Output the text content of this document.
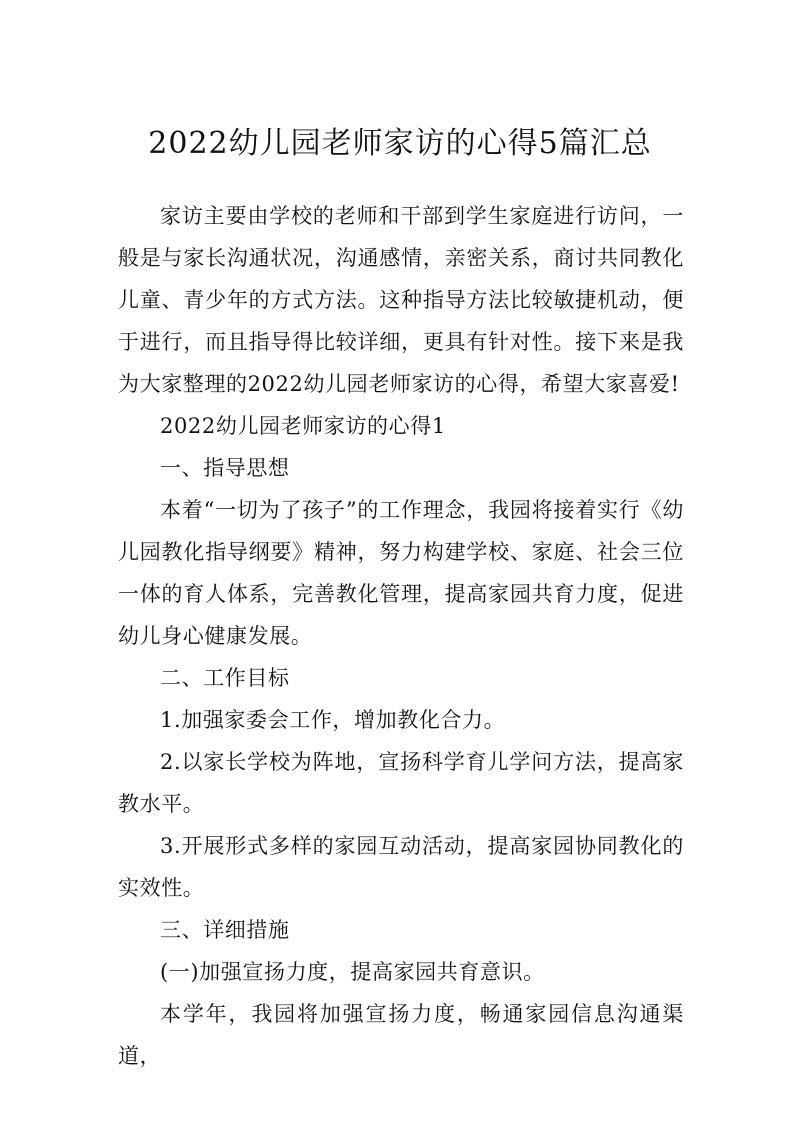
2022幼儿园老师家访的心得5篇汇总

家访主要由学校的老师和干部到学生家庭进行访问，一般是与家长沟通状况，沟通感情，亲密关系，商讨共同教化儿童、青少年的方式方法。这种指导方法比较敏捷机动，便于进行，而且指导得比较详细，更具有针对性。接下来是我为大家整理的2022幼儿园老师家访的心得，希望大家喜爱!

2022幼儿园老师家访的心得1

一、指导思想

本着“一切为了孩子”的工作理念，我园将接着实行《幼儿园教化指导纲要》精神，努力构建学校、家庭、社会三位一体的育人体系，完善教化管理，提高家园共育力度，促进幼儿身心健康发展。

二、工作目标

1.加强家委会工作，增加教化合力。

2.以家长学校为阵地，宣扬科学育儿学问方法，提高家教水平。

3.开展形式多样的家园互动活动，提高家园协同教化的实效性。

三、详细措施

(一)加强宣扬力度，提高家园共育意识。

本学年，我园将加强宣扬力度，畅通家园信息沟通渠道，
